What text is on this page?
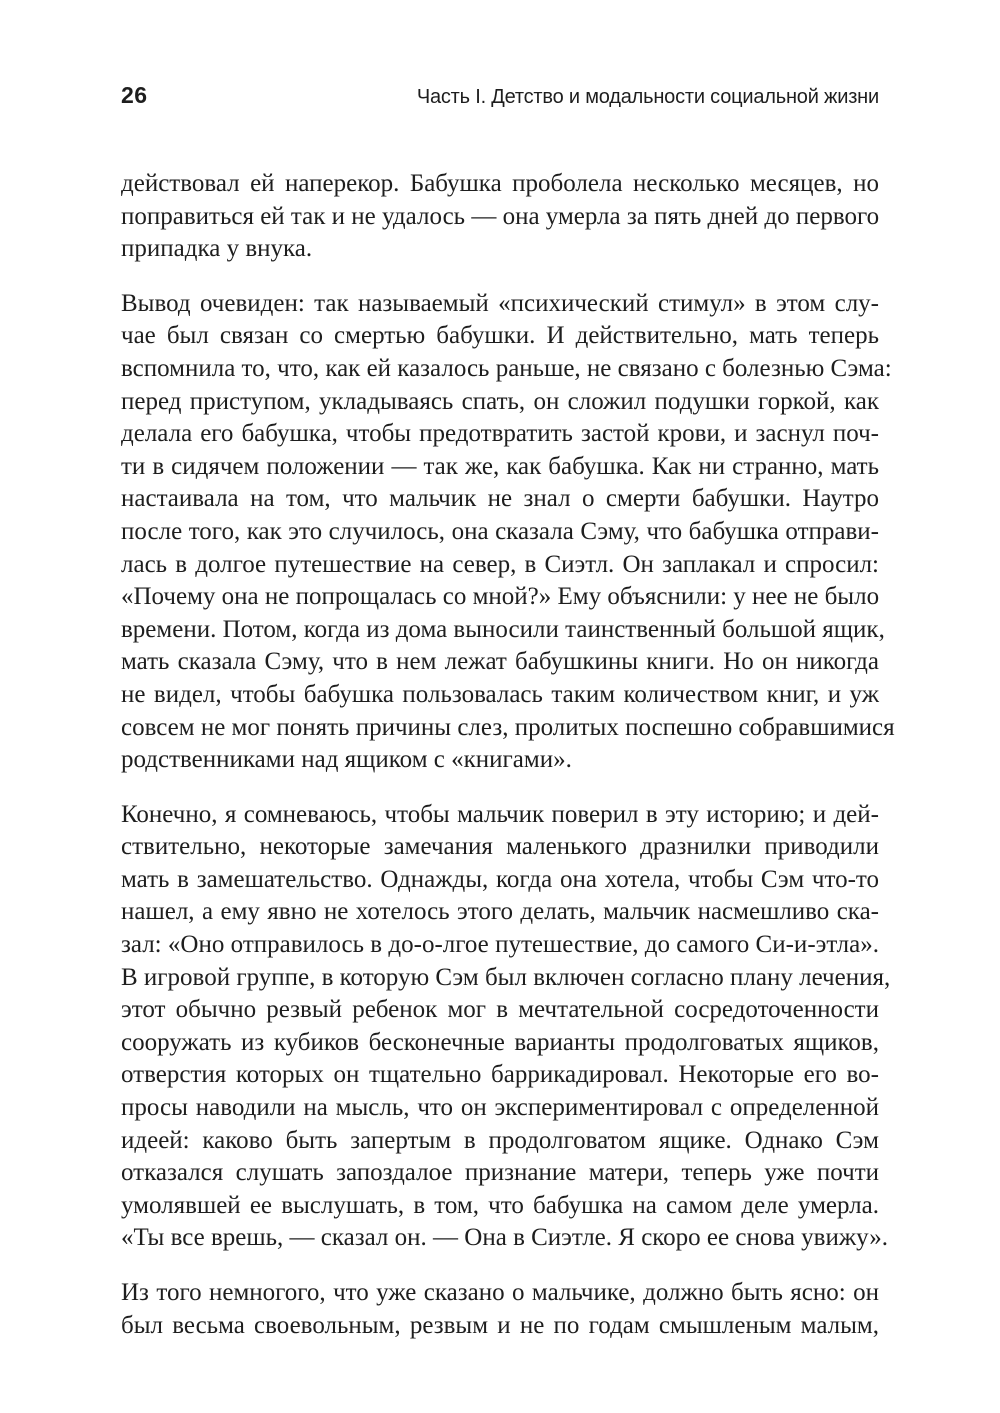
26	Часть I. Детство и модальности социальной жизни
действовал ей наперекор. Бабушка проболела несколько месяцев, но
поправиться ей так и не удалось — она умерла за пять дней до первого
припадка у внука.
Вывод очевиден: так называемый «психический стимул» в этом слу-
чае был связан со смертью бабушки. И действительно, мать теперь
вспомнила то, что, как ей казалось раньше, не связано с болезнью Сэма:
перед приступом, укладываясь спать, он сложил подушки горкой, как
делала его бабушка, чтобы предотвратить застой крови, и заснул поч-
ти в сидячем положении — так же, как бабушка. Как ни странно, мать
настаивала на том, что мальчик не знал о смерти бабушки. Наутро
после того, как это случилось, она сказала Сэму, что бабушка отправи-
лась в долгое путешествие на север, в Сиэтл. Он заплакал и спросил:
«Почему она не попрощалась со мной?» Ему объяснили: у нее не было
времени. Потом, когда из дома выносили таинственный большой ящик,
мать сказала Сэму, что в нем лежат бабушкины книги. Но он никогда
не видел, чтобы бабушка пользовалась таким количеством книг, и уж
совсем не мог понять причины слез, пролитых поспешно собравшимися
родственниками над ящиком с «книгами».
Конечно, я сомневаюсь, чтобы мальчик поверил в эту историю; и дей-
ствительно, некоторые замечания маленького дразнилки приводили
мать в замешательство. Однажды, когда она хотела, чтобы Сэм что-то
нашел, а ему явно не хотелось этого делать, мальчик насмешливо ска-
зал: «Оно отправилось в до-о-лгое путешествие, до самого Си-и-этла».
В игровой группе, в которую Сэм был включен согласно плану лечения,
этот обычно резвый ребенок мог в мечтательной сосредоточенности
сооружать из кубиков бесконечные варианты продолговатых ящиков,
отверстия которых он тщательно баррикадировал. Некоторые его во-
просы наводили на мысль, что он экспериментировал с определенной
идеей: каково быть запертым в продолговатом ящике. Однако Сэм
отказался слушать запоздалое признание матери, теперь уже почти
умолявшей ее выслушать, в том, что бабушка на самом деле умерла.
«Ты все врешь, — сказал он. — Она в Сиэтле. Я скоро ее снова увижу».
Из того немногого, что уже сказано о мальчике, должно быть ясно: он
был весьма своевольным, резвым и не по годам смышленым малым,
